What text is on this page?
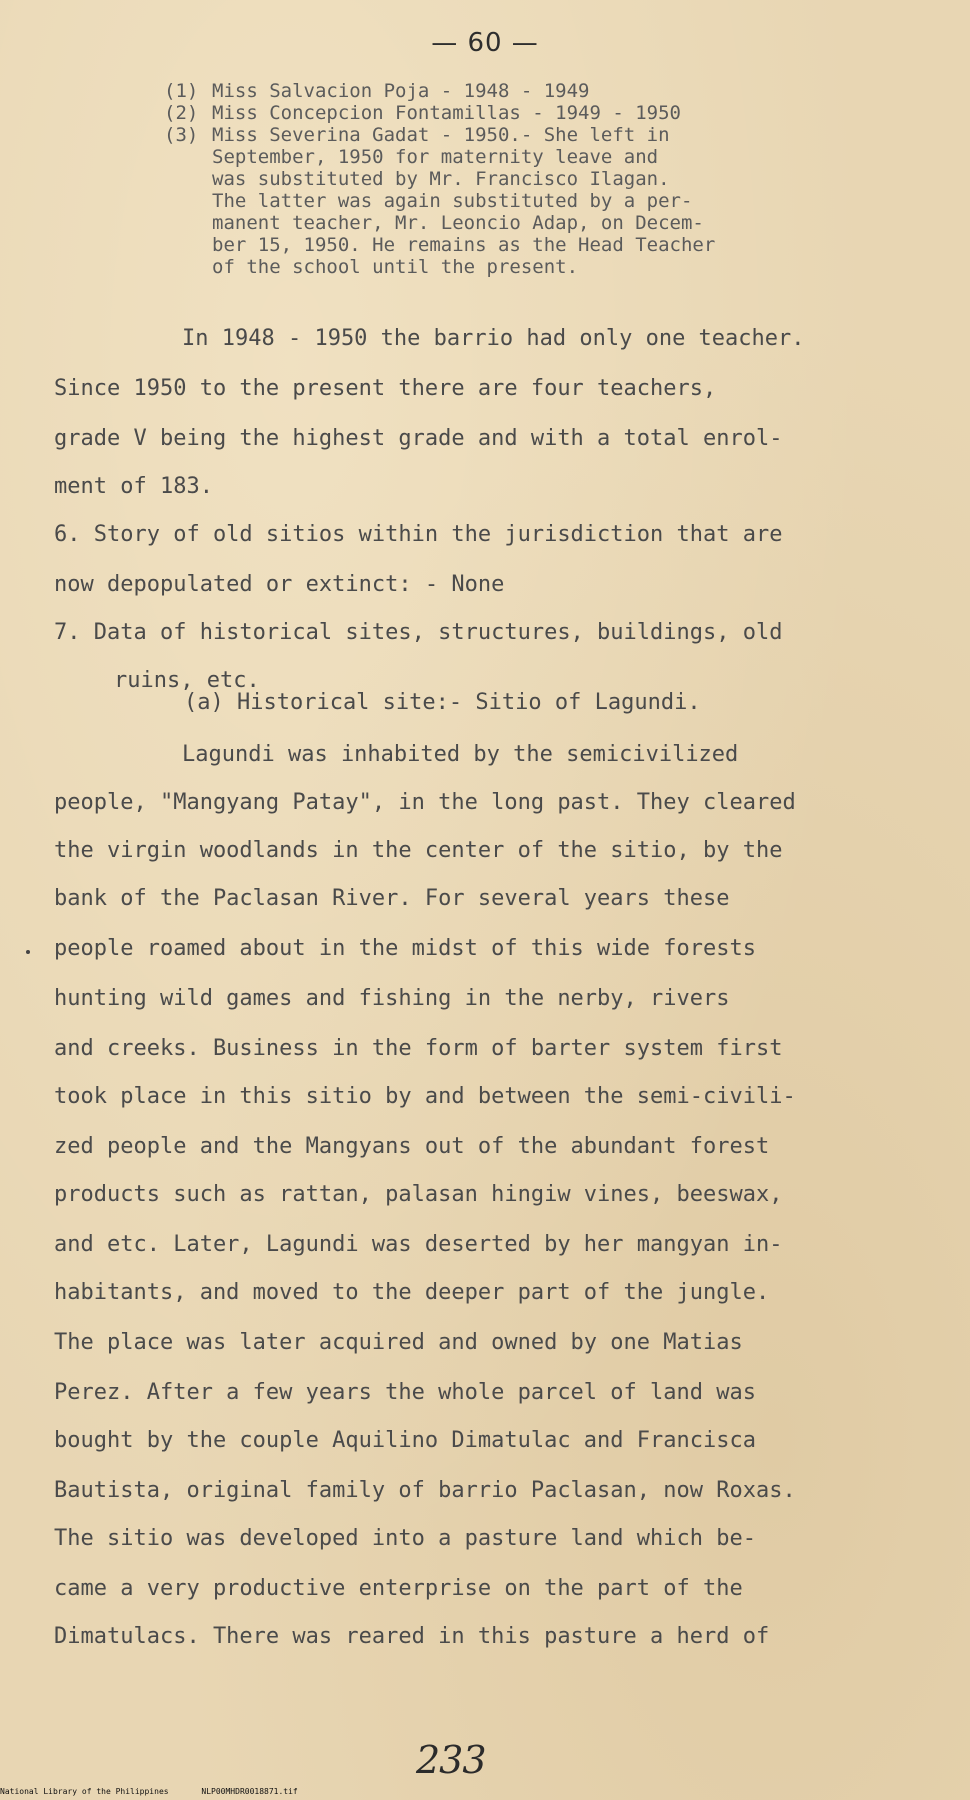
— 60 —
(1) Miss Salvacion Poja - 1948 - 1949
(2) Miss Concepcion Fontamillas - 1949 - 1950
(3) Miss Severina Gadat - 1950.- She left in
September, 1950 for maternity leave and
was substituted by Mr. Francisco Ilagan.
The latter was again substituted by a per-
manent teacher, Mr. Leoncio Adap, on Decem-
ber 15, 1950. He remains as the Head Teacher
of the school until the present.
In 1948 - 1950 the barrio had only one teacher.
Since 1950 to the present there are four teachers,
grade V being the highest grade and with a total enrol-
ment of 183.
6. Story of old sitios within the jurisdiction that are
now depopulated or extinct: - None
7. Data of historical sites, structures, buildings, old
ruins, etc.
(a) Historical site:- Sitio of Lagundi.
Lagundi was inhabited by the semicivilized
people, "Mangyang Patay", in the long past. They cleared
the virgin woodlands in the center of the sitio, by the
bank of the Paclasan River. For several years these
people roamed about in the midst of this wide forests
hunting wild games and fishing in the nerby, rivers
and creeks. Business in the form of barter system first
took place in this sitio by and between the semi-civili-
zed people and the Mangyans out of the abundant forest
products such as rattan, palasan hingiw vines, beeswax,
and etc. Later, Lagundi was deserted by her mangyan in-
habitants, and moved to the deeper part of the jungle.
The place was later acquired and owned by one Matias
Perez. After a few years the whole parcel of land was
bought by the couple Aquilino Dimatulac and Francisca
Bautista, original family of barrio Paclasan, now Roxas.
The sitio was developed into a pasture land which be-
came a very productive enterprise on the part of the
Dimatulacs. There was reared in this pasture a herd of
233
National Library of the Philippines	NLP00MHDR0018871.tif
